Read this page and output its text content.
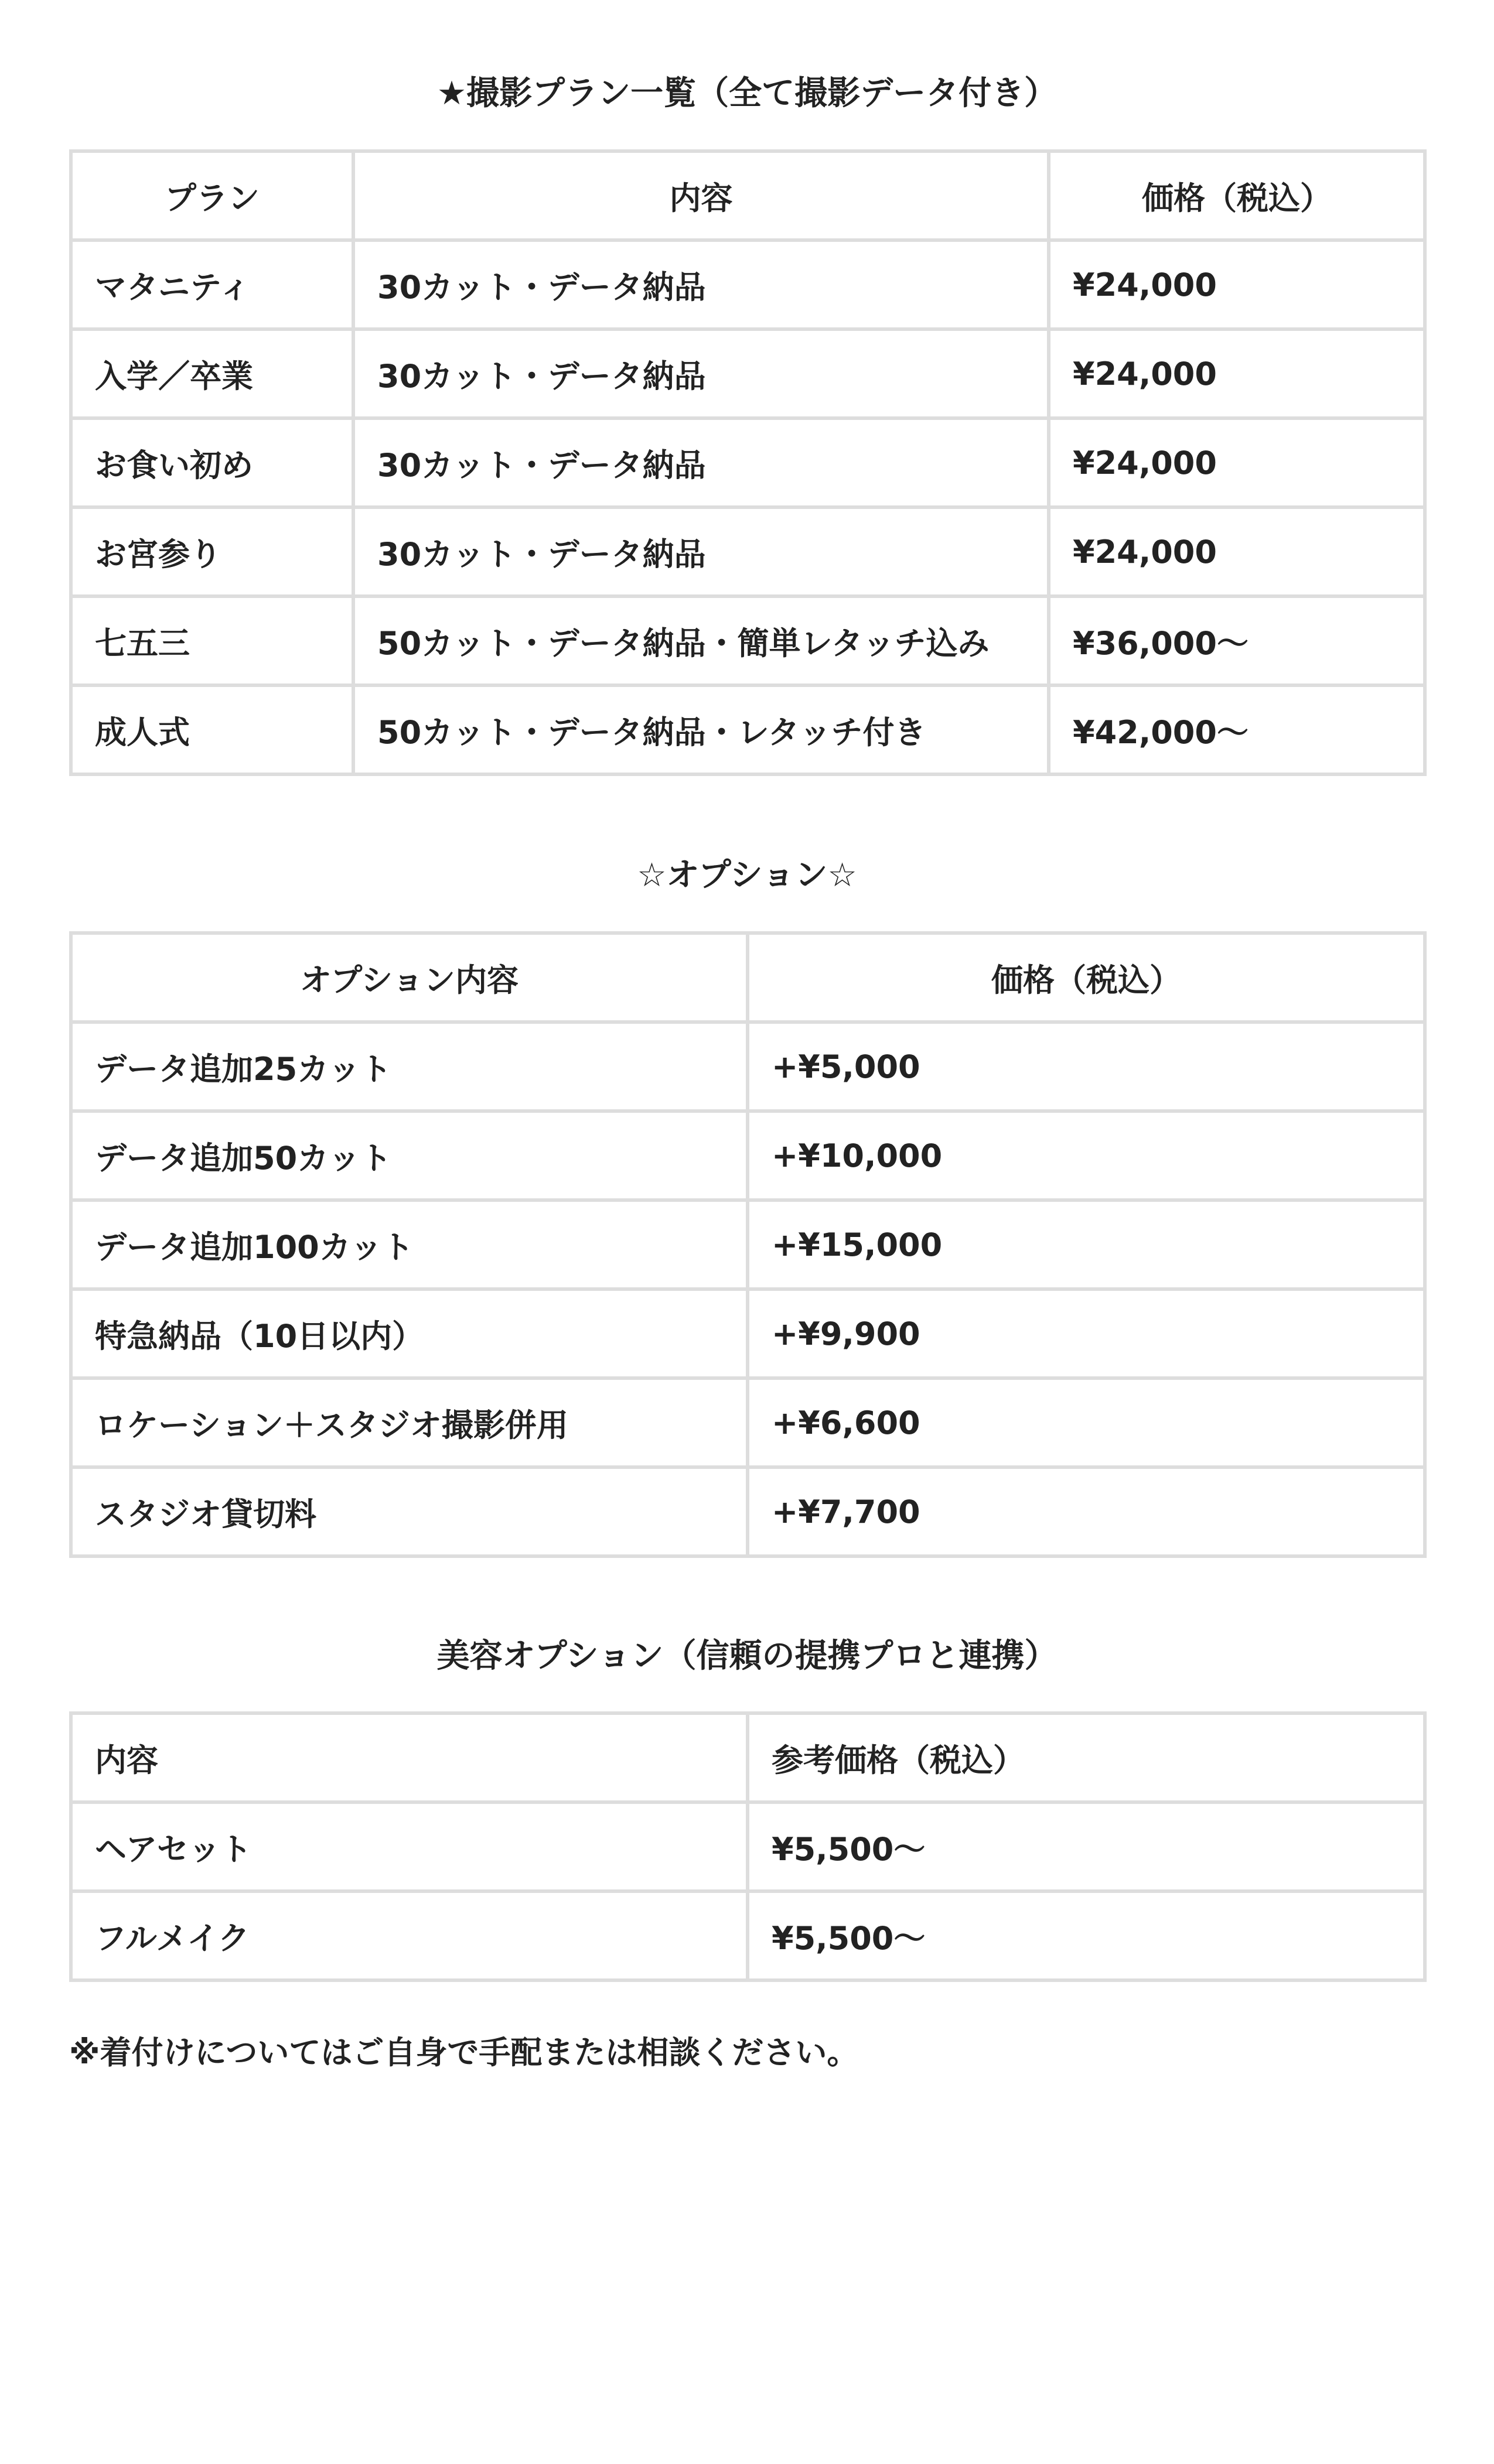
★撮影プラン一覧（全て撮影データ付き）
プラン	内容	価格（税込）
マタニティ	30カット・データ納品	¥24,000
入学／卒業	30カット・データ納品	¥24,000
お食い初め	30カット・データ納品	¥24,000
お宮参り	30カット・データ納品	¥24,000
七五三	50カット・データ納品・簡単レタッチ込み	¥36,000〜
成人式	50カット・データ納品・レタッチ付き	¥42,000〜
☆オプション☆
オプション内容	価格（税込）
データ追加25カット	+¥5,000
データ追加50カット	+¥10,000
データ追加100カット	+¥15,000
特急納品（10日以内）	+¥9,900
ロケーション＋スタジオ撮影併用	+¥6,600
スタジオ貸切料	+¥7,700
美容オプション（信頼の提携プロと連携）
内容	参考価格（税込）
ヘアセット	¥5,500〜
フルメイク	¥5,500〜

※着付けについてはご自身で手配または相談ください。
